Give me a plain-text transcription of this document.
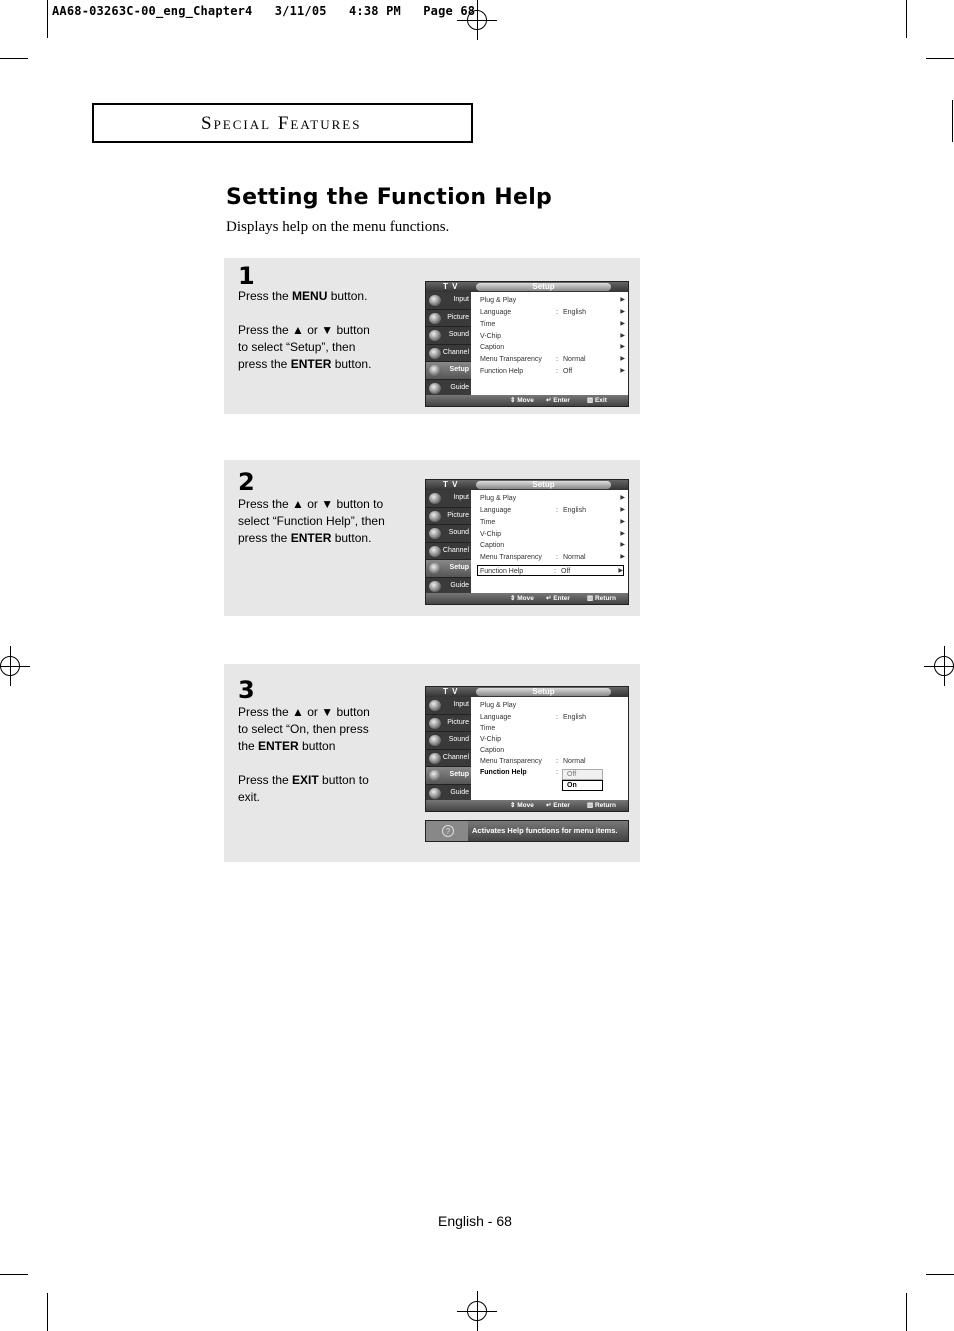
AA68-03263C-00_eng_Chapter4   3/11/05   4:38 PM   Page 68
Special Features
Setting the Function Help
Displays help on the menu functions.
1

Press the MENU button.

Press the ▲ or ▼ button

to select “Setup”, then

press the ENTER button.

T V	Setup
Input
Picture
Sound
Channel
Setup
Guide
Plug & Play	▶
Language	: English	▶
Time	▶
V-Chip	▶
Caption	▶
Menu Transparency : Normal	▶
Function Help	: Off	▶
⇕ Move ↵ Enter	▥ Exit
2

Press the ▲ or ▼ button to

select “Function Help”, then

press the ENTER button.

T V	Setup
Input
Picture
Sound
Channel
Setup
Guide
Plug & Play	▶
Language	: English	▶
Time	▶
V-Chip	▶
Caption	▶
Menu Transparency : Normal	▶
Function Help	: Off	▶
⇕ Move ↵ Enter	▥ Return
3

Press the ▲ or ▼ button

to select “On, then press

the ENTER button

Press the EXIT button to

exit.

T V	Setup
Input
Picture
Sound
Channel
Setup
Guide
Plug & Play
Language	: English
Time
V-Chip
Caption
Menu Transparency : Normal
Function Help	:	Off
On
⇕ Move ↵ Enter	▥ Return
?	Activates Help functions for menu items.
English - 68
